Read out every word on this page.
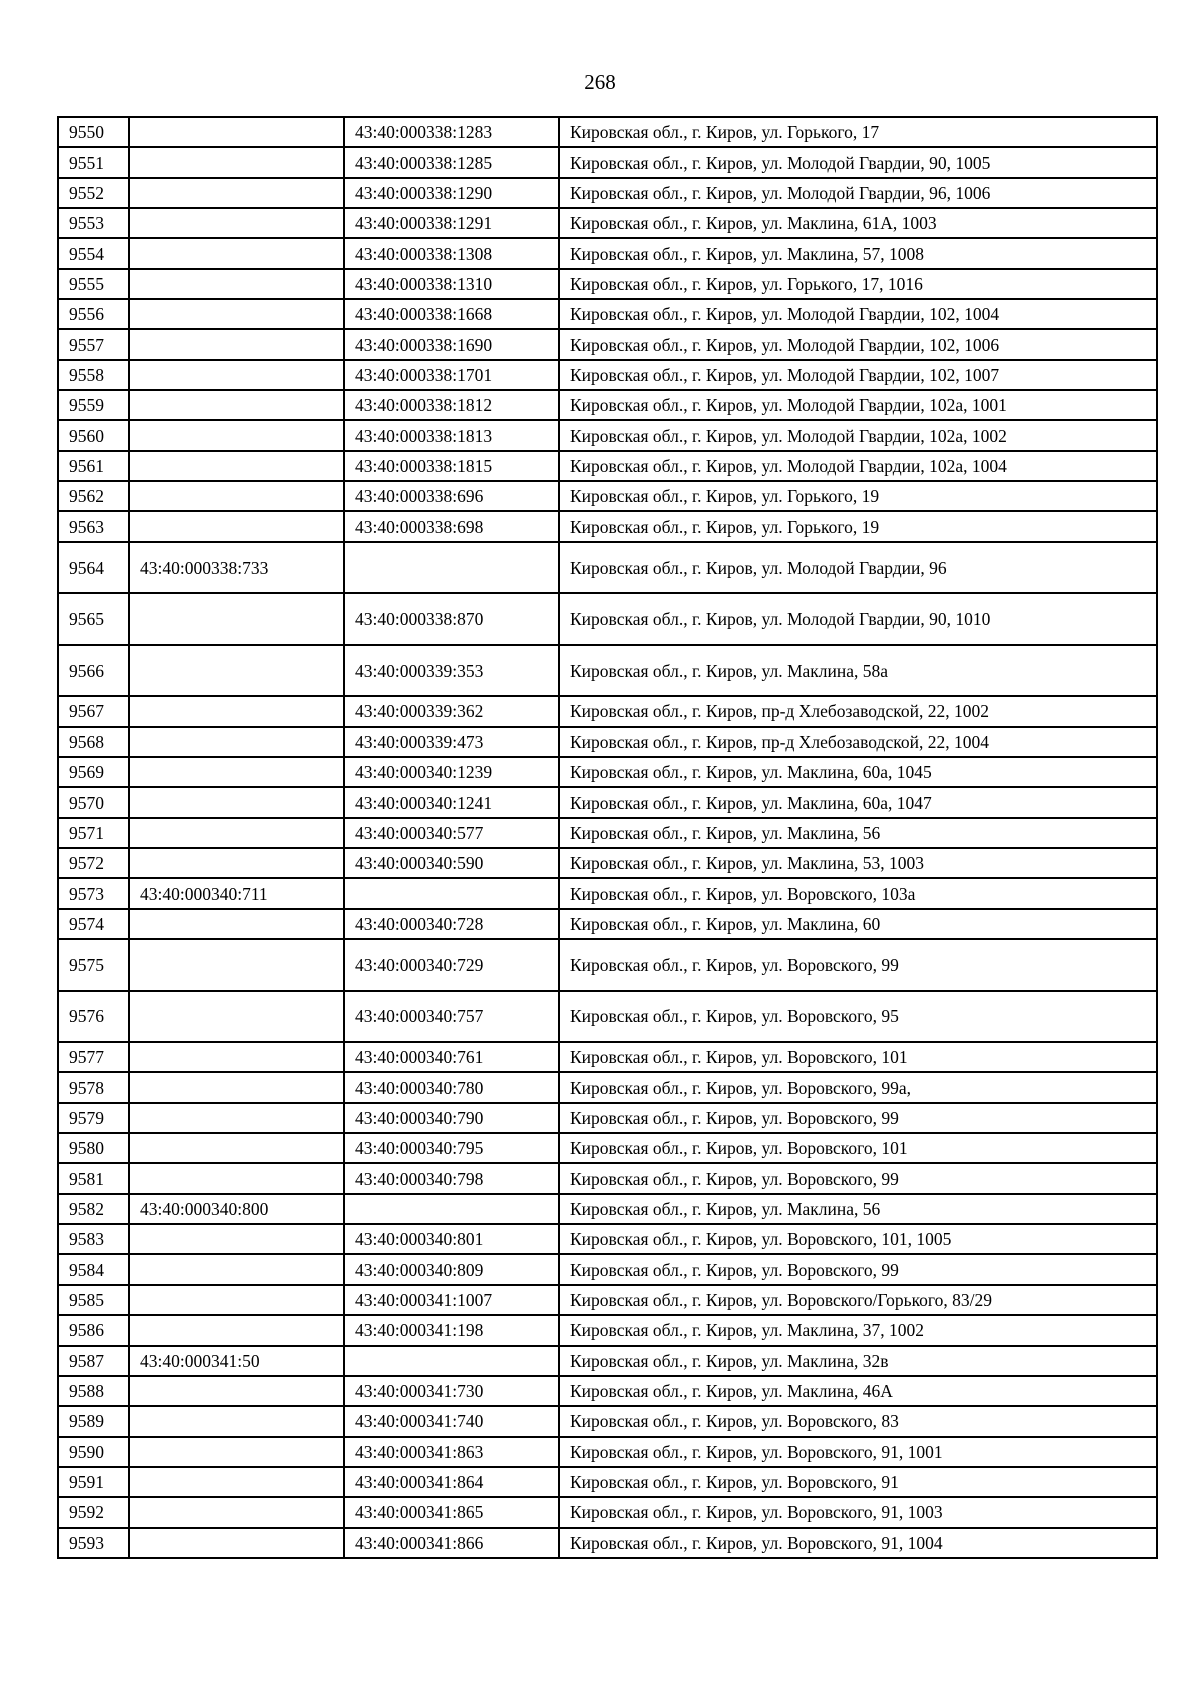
268
9550		43:40:000338:1283	Кировская обл., г. Киров, ул. Горького, 17
9551		43:40:000338:1285	Кировская обл., г. Киров, ул. Молодой Гвардии, 90, 1005
9552		43:40:000338:1290	Кировская обл., г. Киров, ул. Молодой Гвардии, 96, 1006
9553		43:40:000338:1291	Кировская обл., г. Киров, ул. Маклина, 61А, 1003
9554		43:40:000338:1308	Кировская обл., г. Киров, ул. Маклина, 57, 1008
9555		43:40:000338:1310	Кировская обл., г. Киров, ул. Горького, 17, 1016
9556		43:40:000338:1668	Кировская обл., г. Киров, ул. Молодой Гвардии, 102, 1004
9557		43:40:000338:1690	Кировская обл., г. Киров, ул. Молодой Гвардии, 102, 1006
9558		43:40:000338:1701	Кировская обл., г. Киров, ул. Молодой Гвардии, 102, 1007
9559		43:40:000338:1812	Кировская обл., г. Киров, ул. Молодой Гвардии, 102а, 1001
9560		43:40:000338:1813	Кировская обл., г. Киров, ул. Молодой Гвардии, 102а, 1002
9561		43:40:000338:1815	Кировская обл., г. Киров, ул. Молодой Гвардии, 102а, 1004
9562		43:40:000338:696	Кировская обл., г. Киров, ул. Горького, 19
9563		43:40:000338:698	Кировская обл., г. Киров, ул. Горького, 19
9564	43:40:000338:733		Кировская обл., г. Киров, ул. Молодой Гвардии, 96
9565		43:40:000338:870	Кировская обл., г. Киров, ул. Молодой Гвардии, 90, 1010
9566		43:40:000339:353	Кировская обл., г. Киров, ул. Маклина, 58а
9567		43:40:000339:362	Кировская обл., г. Киров, пр-д Хлебозаводской, 22, 1002
9568		43:40:000339:473	Кировская обл., г. Киров, пр-д Хлебозаводской, 22, 1004
9569		43:40:000340:1239	Кировская обл., г. Киров, ул. Маклина, 60а, 1045
9570		43:40:000340:1241	Кировская обл., г. Киров, ул. Маклина, 60а, 1047
9571		43:40:000340:577	Кировская обл., г. Киров, ул. Маклина, 56
9572		43:40:000340:590	Кировская обл., г. Киров, ул. Маклина, 53, 1003
9573	43:40:000340:711		Кировская обл., г. Киров, ул. Воровского, 103а
9574		43:40:000340:728	Кировская обл., г. Киров, ул. Маклина, 60
9575		43:40:000340:729	Кировская обл., г. Киров, ул. Воровского, 99
9576		43:40:000340:757	Кировская обл., г. Киров, ул. Воровского, 95
9577		43:40:000340:761	Кировская обл., г. Киров, ул. Воровского, 101
9578		43:40:000340:780	Кировская обл., г. Киров, ул. Воровского, 99а,
9579		43:40:000340:790	Кировская обл., г. Киров, ул. Воровского, 99
9580		43:40:000340:795	Кировская обл., г. Киров, ул. Воровского, 101
9581		43:40:000340:798	Кировская обл., г. Киров, ул. Воровского, 99
9582	43:40:000340:800		Кировская обл., г. Киров, ул. Маклина, 56
9583		43:40:000340:801	Кировская обл., г. Киров, ул. Воровского, 101, 1005
9584		43:40:000340:809	Кировская обл., г. Киров, ул. Воровского, 99
9585		43:40:000341:1007	Кировская обл., г. Киров, ул. Воровского/Горького, 83/29
9586		43:40:000341:198	Кировская обл., г. Киров, ул. Маклина, 37, 1002
9587	43:40:000341:50		Кировская обл., г. Киров, ул. Маклина, 32в
9588		43:40:000341:730	Кировская обл., г. Киров, ул. Маклина, 46А
9589		43:40:000341:740	Кировская обл., г. Киров, ул. Воровского, 83
9590		43:40:000341:863	Кировская обл., г. Киров, ул. Воровского, 91, 1001
9591		43:40:000341:864	Кировская обл., г. Киров, ул. Воровского, 91
9592		43:40:000341:865	Кировская обл., г. Киров, ул. Воровского, 91, 1003
9593		43:40:000341:866	Кировская обл., г. Киров, ул. Воровского, 91, 1004
